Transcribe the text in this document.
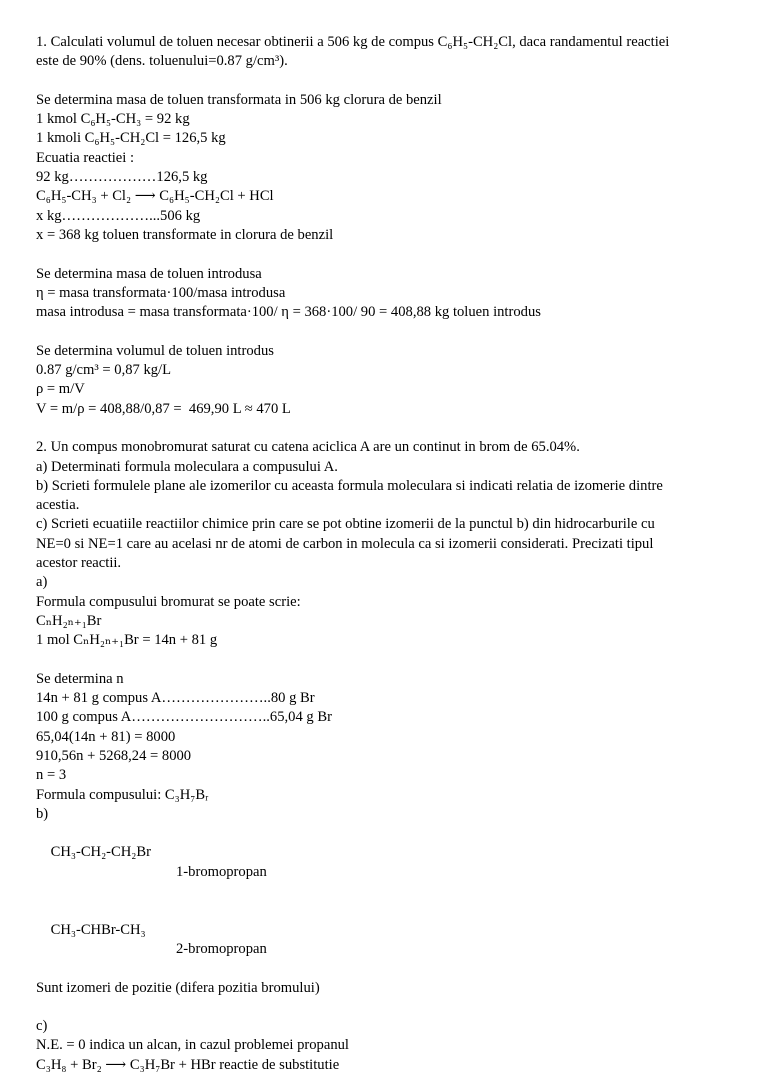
1. Calculati volumul de toluen necesar obtinerii a 506 kg de compus C₆H₅-CH₂Cl, daca randamentul reactiei
este de 90% (dens. toluenului=0.87 g/cm³).
Se determina masa de toluen transformata in 506 kg clorura de benzil
1 kmol C₆H₅-CH₃ = 92 kg
1 kmoli C₆H₅-CH₂Cl = 126,5 kg
Ecuatia reactiei :
92 kg………………126,5 kg
C₆H₅-CH₃ + Cl₂ ⟶ C₆H₅-CH₂Cl + HCl
x kg………………...506 kg
x = 368 kg toluen transformate in clorura de benzil
Se determina masa de toluen introdusa
η = masa transformata·100/masa introdusa
masa introdusa = masa transformata·100/ η = 368·100/ 90 = 408,88 kg toluen introdus
Se determina volumul de toluen introdus
0.87 g/cm³ = 0,87 kg/L
ρ = m/V
V = m/ρ = 408,88/0,87 =  469,90 L ≈ 470 L
2. Un compus monobromurat saturat cu catena aciclica A are un continut in brom de 65.04%.
a) Determinati formula moleculara a compusului A.
b) Scrieti formulele plane ale izomerilor cu aceasta formula moleculara si indicati relatia de izomerie dintre
acestia.
c) Scrieti ecuatiile reactiilor chimice prin care se pot obtine izomerii de la punctul b) din hidrocarburile cu
NE=0 si NE=1 care au acelasi nr de atomi de carbon in molecula ca si izomerii considerati. Precizati tipul
acestor reactii.
a)
Formula compusului bromurat se poate scrie:
CₙH₂ₙ₊₁Br
1 mol CₙH₂ₙ₊₁Br = 14n + 81 g
Se determina n
14n + 81 g compus A…………………..80 g Br
100 g compus A………………………..65,04 g Br
65,04(14n + 81) = 8000
910,56n + 5268,24 = 8000
n = 3
Formula compusului: C₃H₇Bᵣ
b)

CH₃-CH₂-CH₂Br

1-bromopropan

CH₃-CHBr-CH₃

2-bromopropan

Sunt izomeri de pozitie (difera pozitia bromului)
c)
N.E. = 0 indica un alcan, in cazul problemei propanul
C₃H₈ + Br₂ ⟶ C₃H₇Br + HBr reactie de substitutie
